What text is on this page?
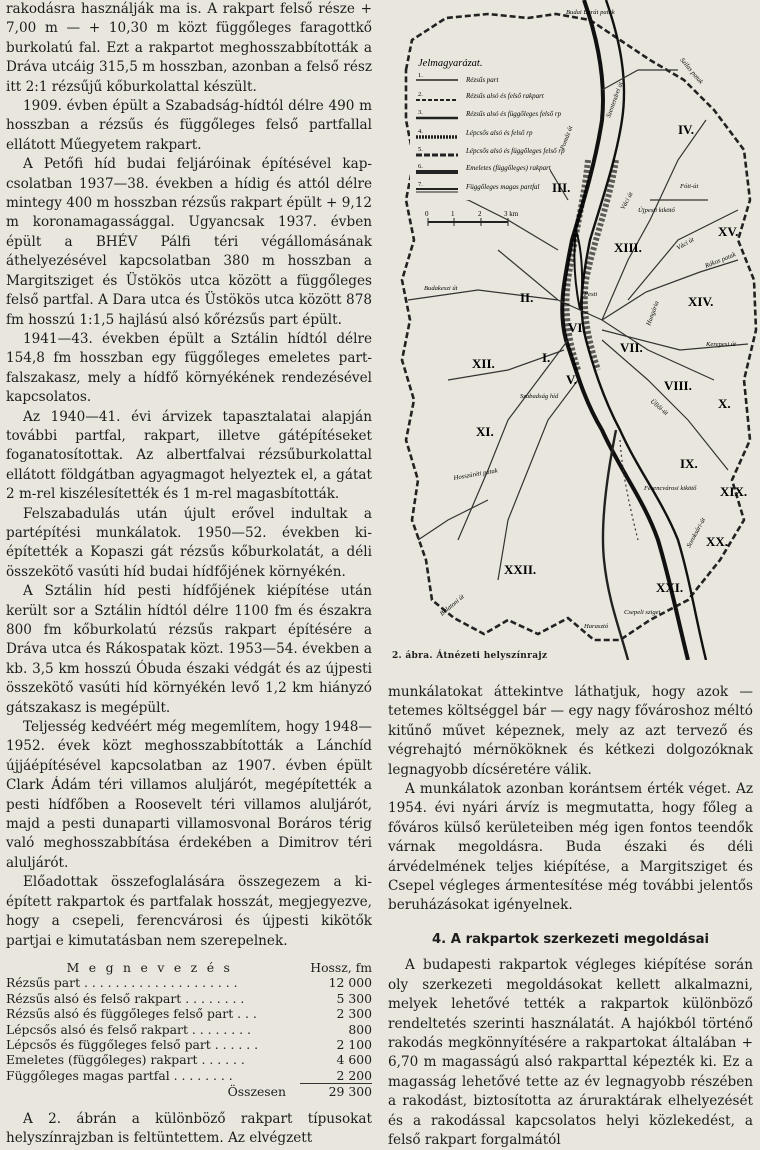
rakodásra használják ma is. A rakpart felső része + 7,00 m — + 10,30 m közt függőleges faragottkő burkolatú fal. Ezt a rakpartot meghosszabbították a Dráva utcáig 315,5 m hosszban, azonban a felső rész itt 2:1 rézsűjű kőburkolattal készült.

1909. évben épült a Szabadság-hídtól délre 490 m hosszban a rézsűs és függőleges felső partfallal ellátott Műegyetem rakpart.

A Petőfi híd budai feljáróinak építésével kapcsolatban 1937—38. években a hídig és attól délre mintegy 400 m hosszban rézsűs rakpart épült + 9,12 m koronamagassággal. Ugyancsak 1937. évben épült a BHÉV Pálfi téri végállomásának áthelyezésével kapcsolatban 380 m hosszban a Margitsziget és Üstökös utca között a függőleges felső partfal. A Dara utca és Üstökös utca között 878 fm hosszú 1:1,5 hajlású alsó kőrézsűs part épült.

1941—43. években épült a Sztálin hídtól délre 154,8 fm hosszban egy függőleges emeletes partfalszakasz, mely a hídfő környékének rendezésével kapcsolatos.

Az 1940—41. évi árvizek tapasztalatai alapján további partfal, rakpart, illetve gátépítéseket foganatosítottak. Az albertfalvai rézsűburkolattal ellátott földgátban agyagmagot helyeztek el, a gátat 2 m-rel kiszélesítették és 1 m-rel magasbították.

Felszabadulás után újult erővel indultak a partépítési munkálatok. 1950—52. években kiépítették a Kopaszi gát rézsűs kőburkolatát, a déli összekötő vasúti híd budai hídfőjének környékén.

A Sztálin híd pesti hídfőjének kiépítése után került sor a Sztálin hídtól délre 1100 fm és északra 800 fm kőburkolatú rézsűs rakpart építésére a Dráva utca és Rákospatak közt. 1953—54. években a kb. 3,5 km hosszú Óbuda északi védgát és az újpesti összekötő vasúti híd környékén levő 1,2 km hiányzó gátszakasz is megépült.

Teljesség kedvéért még megemlítem, hogy 1948—1952. évek közt meghosszabbították a Lánchíd újjáépítésével kapcsolatban az 1907. évben épült Clark Ádám téri villamos aluljárót, megépítették a pesti hídfőben a Roosevelt téri villamos aluljárót, majd a pesti dunaparti villamosvonal Boráros térig való meghosszabbítása érdekében a Dimitrov téri aluljárót.

Előadottak összefoglalására összegezem a kiépített rakpartok és partfalak hosszát, megjegyezve, hogy a csepeli, ferencvárosi és újpesti kikötők partjai e kimutatásban nem szerepelnek.

Megnevezés	Hossz, fm
Rézsűs part . . . . . . . . . . . . . . . . . . . .	12 000
Rézsűs alsó és felső rakpart . . . . . . . .	5 300
Rézsűs alsó és függőleges felső part . . .	2 300
Lépcsős alsó és felső rakpart . . . . . . . .	800
Lépcsős és függőleges felső part . . . . . .	2 100
Emeletes (függőleges) rakpart . . . . . .	4 600
Függőleges magas partfal . . . . . . . .	2 200
Összesen	29 300

A 2. ábrán a különböző rakpart típusokat helyszínrajzban is feltüntettem. Az elvégzett

Jelmagyarázat.
1.
Rézsűs part
2.	Rézsűs alsó és felső rakpart
3.	Rézsűs alsó és függőleges felső rp
4.	Lépcsős alsó és felső rp
5.	Lépcsős alsó és függőleges felső rp
6.	Emeletes (függőleges) rakpart
7.	Függőleges magas partfal
0	1	2	3 km
IV.
III.
XV.
XIII.
II.	XIV.
VI.
VII.
XII.	I.
V.	VIII.
X.
XI.
IX.
XIX.
XX.
XXII.
XXI.
Budai Barát patak
Szilas patak
Szentendrei út
Pomáz út
Újpesti kikötő
Fóti-út
Váci út
Budakeszi út
Pesti
Váci út
Hungária
Kerepesi út
Rákos patak
Szabadság híd
Üllői-út
Ferencvárosi kikötő
Soroksári-út
Csepeli sziget
Hosszúréti patak
Balatoni út
Harasztó
2. ábra. Átnézeti helyszínrajz

munkálatokat áttekintve láthatjuk, hogy azok — tetemes költséggel bár — egy nagy fővároshoz méltó kitűnő művet képeznek, mely az azt tervező és végrehajtó mérnököknek és kétkezi dolgozóknak legnagyobb dícséretére válik.

A munkálatok azonban korántsem érték véget. Az 1954. évi nyári árvíz is megmutatta, hogy főleg a főváros külső kerületeiben még igen fontos teendők várnak megoldásra. Buda északi és déli árvédelmének teljes kiépítése, a Margitsziget és Csepel végleges ármentesítése még további jelentős beruházásokat igényelnek.

4. A rakpartok szerkezeti megoldásai

A budapesti rakpartok végleges kiépítése során oly szerkezeti megoldásokat kellett alkalmazni, melyek lehetővé tették a rakpartok különböző rendeltetés szerinti használatát. A hajókból történő rakodás megkönnyítésére a rakpartokat általában + 6,70 m magasságú alsó rakparttal képezték ki. Ez a magasság lehetővé tette az év legnagyobb részében a rakodást, biztosította az áruraktárak elhelyezését és a rakodással kapcsolatos helyi közlekedést, a felső rakpart forgalmától
